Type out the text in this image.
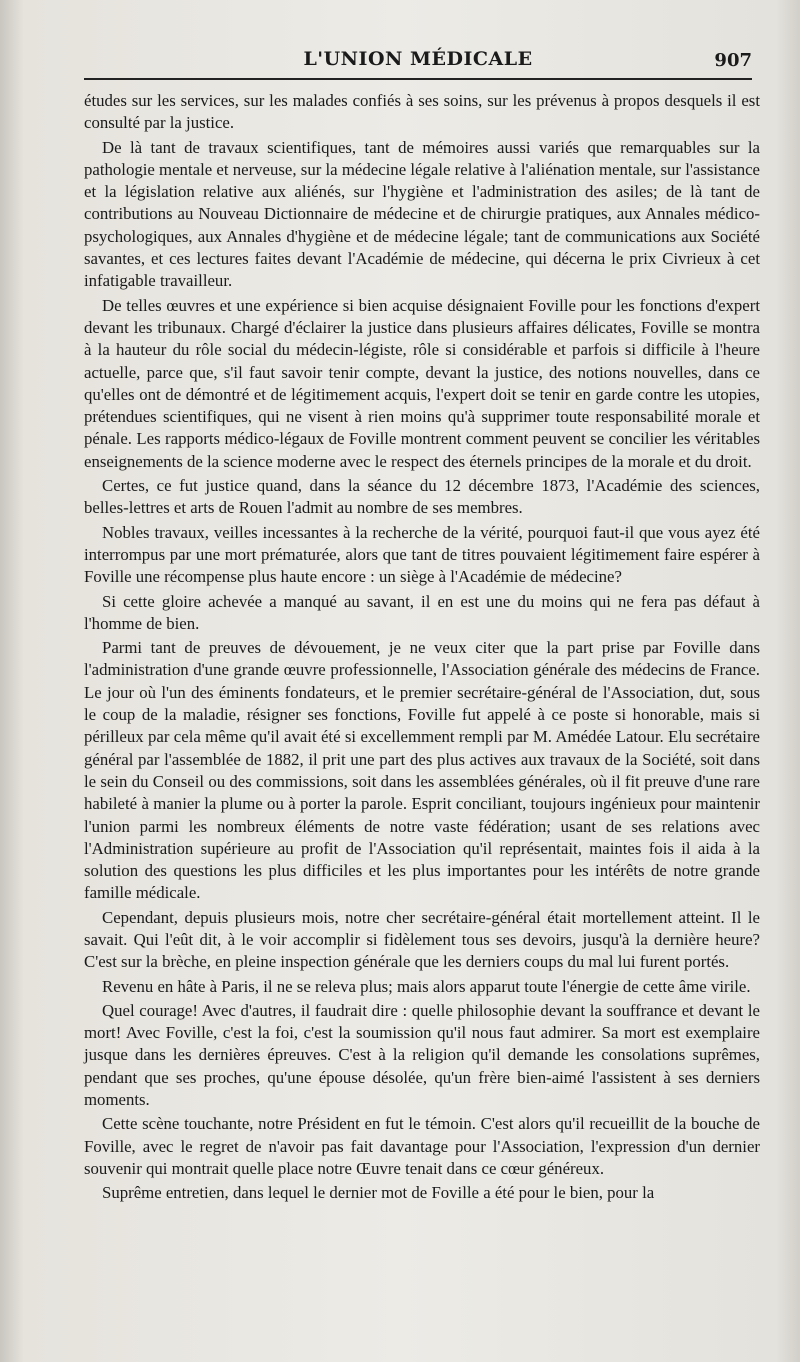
L'UNION MÉDICALE	907

études sur les services, sur les malades confiés à ses soins, sur les prévenus à propos desquels il est consulté par la justice.

De là tant de travaux scientifiques, tant de mémoires aussi variés que remarquables sur la pathologie mentale et nerveuse, sur la médecine légale relative à l'aliénation mentale, sur l'assistance et la législation relative aux aliénés, sur l'hygiène et l'administration des asiles; de là tant de contributions au Nouveau Dictionnaire de médecine et de chirurgie pratiques, aux Annales médico-psychologiques, aux Annales d'hygiène et de médecine légale; tant de communications aux Société savantes, et ces lectures faites devant l'Académie de médecine, qui décerna le prix Civrieux à cet infatigable travailleur.

De telles œuvres et une expérience si bien acquise désignaient Foville pour les fonctions d'expert devant les tribunaux. Chargé d'éclairer la justice dans plusieurs affaires délicates, Foville se montra à la hauteur du rôle social du médecin-légiste, rôle si considérable et parfois si difficile à l'heure actuelle, parce que, s'il faut savoir tenir compte, devant la justice, des notions nouvelles, dans ce qu'elles ont de démontré et de légitimement acquis, l'expert doit se tenir en garde contre les utopies, prétendues scientifiques, qui ne visent à rien moins qu'à supprimer toute responsabilité morale et pénale. Les rapports médico-légaux de Foville montrent comment peuvent se concilier les véritables enseignements de la science moderne avec le respect des éternels principes de la morale et du droit.

Certes, ce fut justice quand, dans la séance du 12 décembre 1873, l'Académie des sciences, belles-lettres et arts de Rouen l'admit au nombre de ses membres.

Nobles travaux, veilles incessantes à la recherche de la vérité, pourquoi faut-il que vous ayez été interrompus par une mort prématurée, alors que tant de titres pouvaient légitimement faire espérer à Foville une récompense plus haute encore : un siège à l'Académie de médecine?

Si cette gloire achevée a manqué au savant, il en est une du moins qui ne fera pas défaut à l'homme de bien.

Parmi tant de preuves de dévouement, je ne veux citer que la part prise par Foville dans l'administration d'une grande œuvre professionnelle, l'Association générale des médecins de France. Le jour où l'un des éminents fondateurs, et le premier secrétaire-général de l'Association, dut, sous le coup de la maladie, résigner ses fonctions, Foville fut appelé à ce poste si honorable, mais si périlleux par cela même qu'il avait été si excellemment rempli par M. Amédée Latour. Elu secrétaire général par l'assemblée de 1882, il prit une part des plus actives aux travaux de la Société, soit dans le sein du Conseil ou des commissions, soit dans les assemblées générales, où il fit preuve d'une rare habileté à manier la plume ou à porter la parole. Esprit conciliant, toujours ingénieux pour maintenir l'union parmi les nombreux éléments de notre vaste fédération; usant de ses relations avec l'Administration supérieure au profit de l'Association qu'il représentait, maintes fois il aida à la solution des questions les plus difficiles et les plus importantes pour les intérêts de notre grande famille médicale.

Cependant, depuis plusieurs mois, notre cher secrétaire-général était mortellement atteint. Il le savait. Qui l'eût dit, à le voir accomplir si fidèlement tous ses devoirs, jusqu'à la dernière heure? C'est sur la brèche, en pleine inspection générale que les derniers coups du mal lui furent portés.

Revenu en hâte à Paris, il ne se releva plus; mais alors apparut toute l'énergie de cette âme virile.

Quel courage! Avec d'autres, il faudrait dire : quelle philosophie devant la souffrance et devant le mort! Avec Foville, c'est la foi, c'est la soumission qu'il nous faut admirer. Sa mort est exemplaire jusque dans les dernières épreuves. C'est à la religion qu'il demande les consolations suprêmes, pendant que ses proches, qu'une épouse désolée, qu'un frère bien-aimé l'assistent à ses derniers moments.

Cette scène touchante, notre Président en fut le témoin. C'est alors qu'il recueillit de la bouche de Foville, avec le regret de n'avoir pas fait davantage pour l'Association, l'expression d'un dernier souvenir qui montrait quelle place notre Œuvre tenait dans ce cœur généreux.

Suprême entretien, dans lequel le dernier mot de Foville a été pour le bien, pour la
